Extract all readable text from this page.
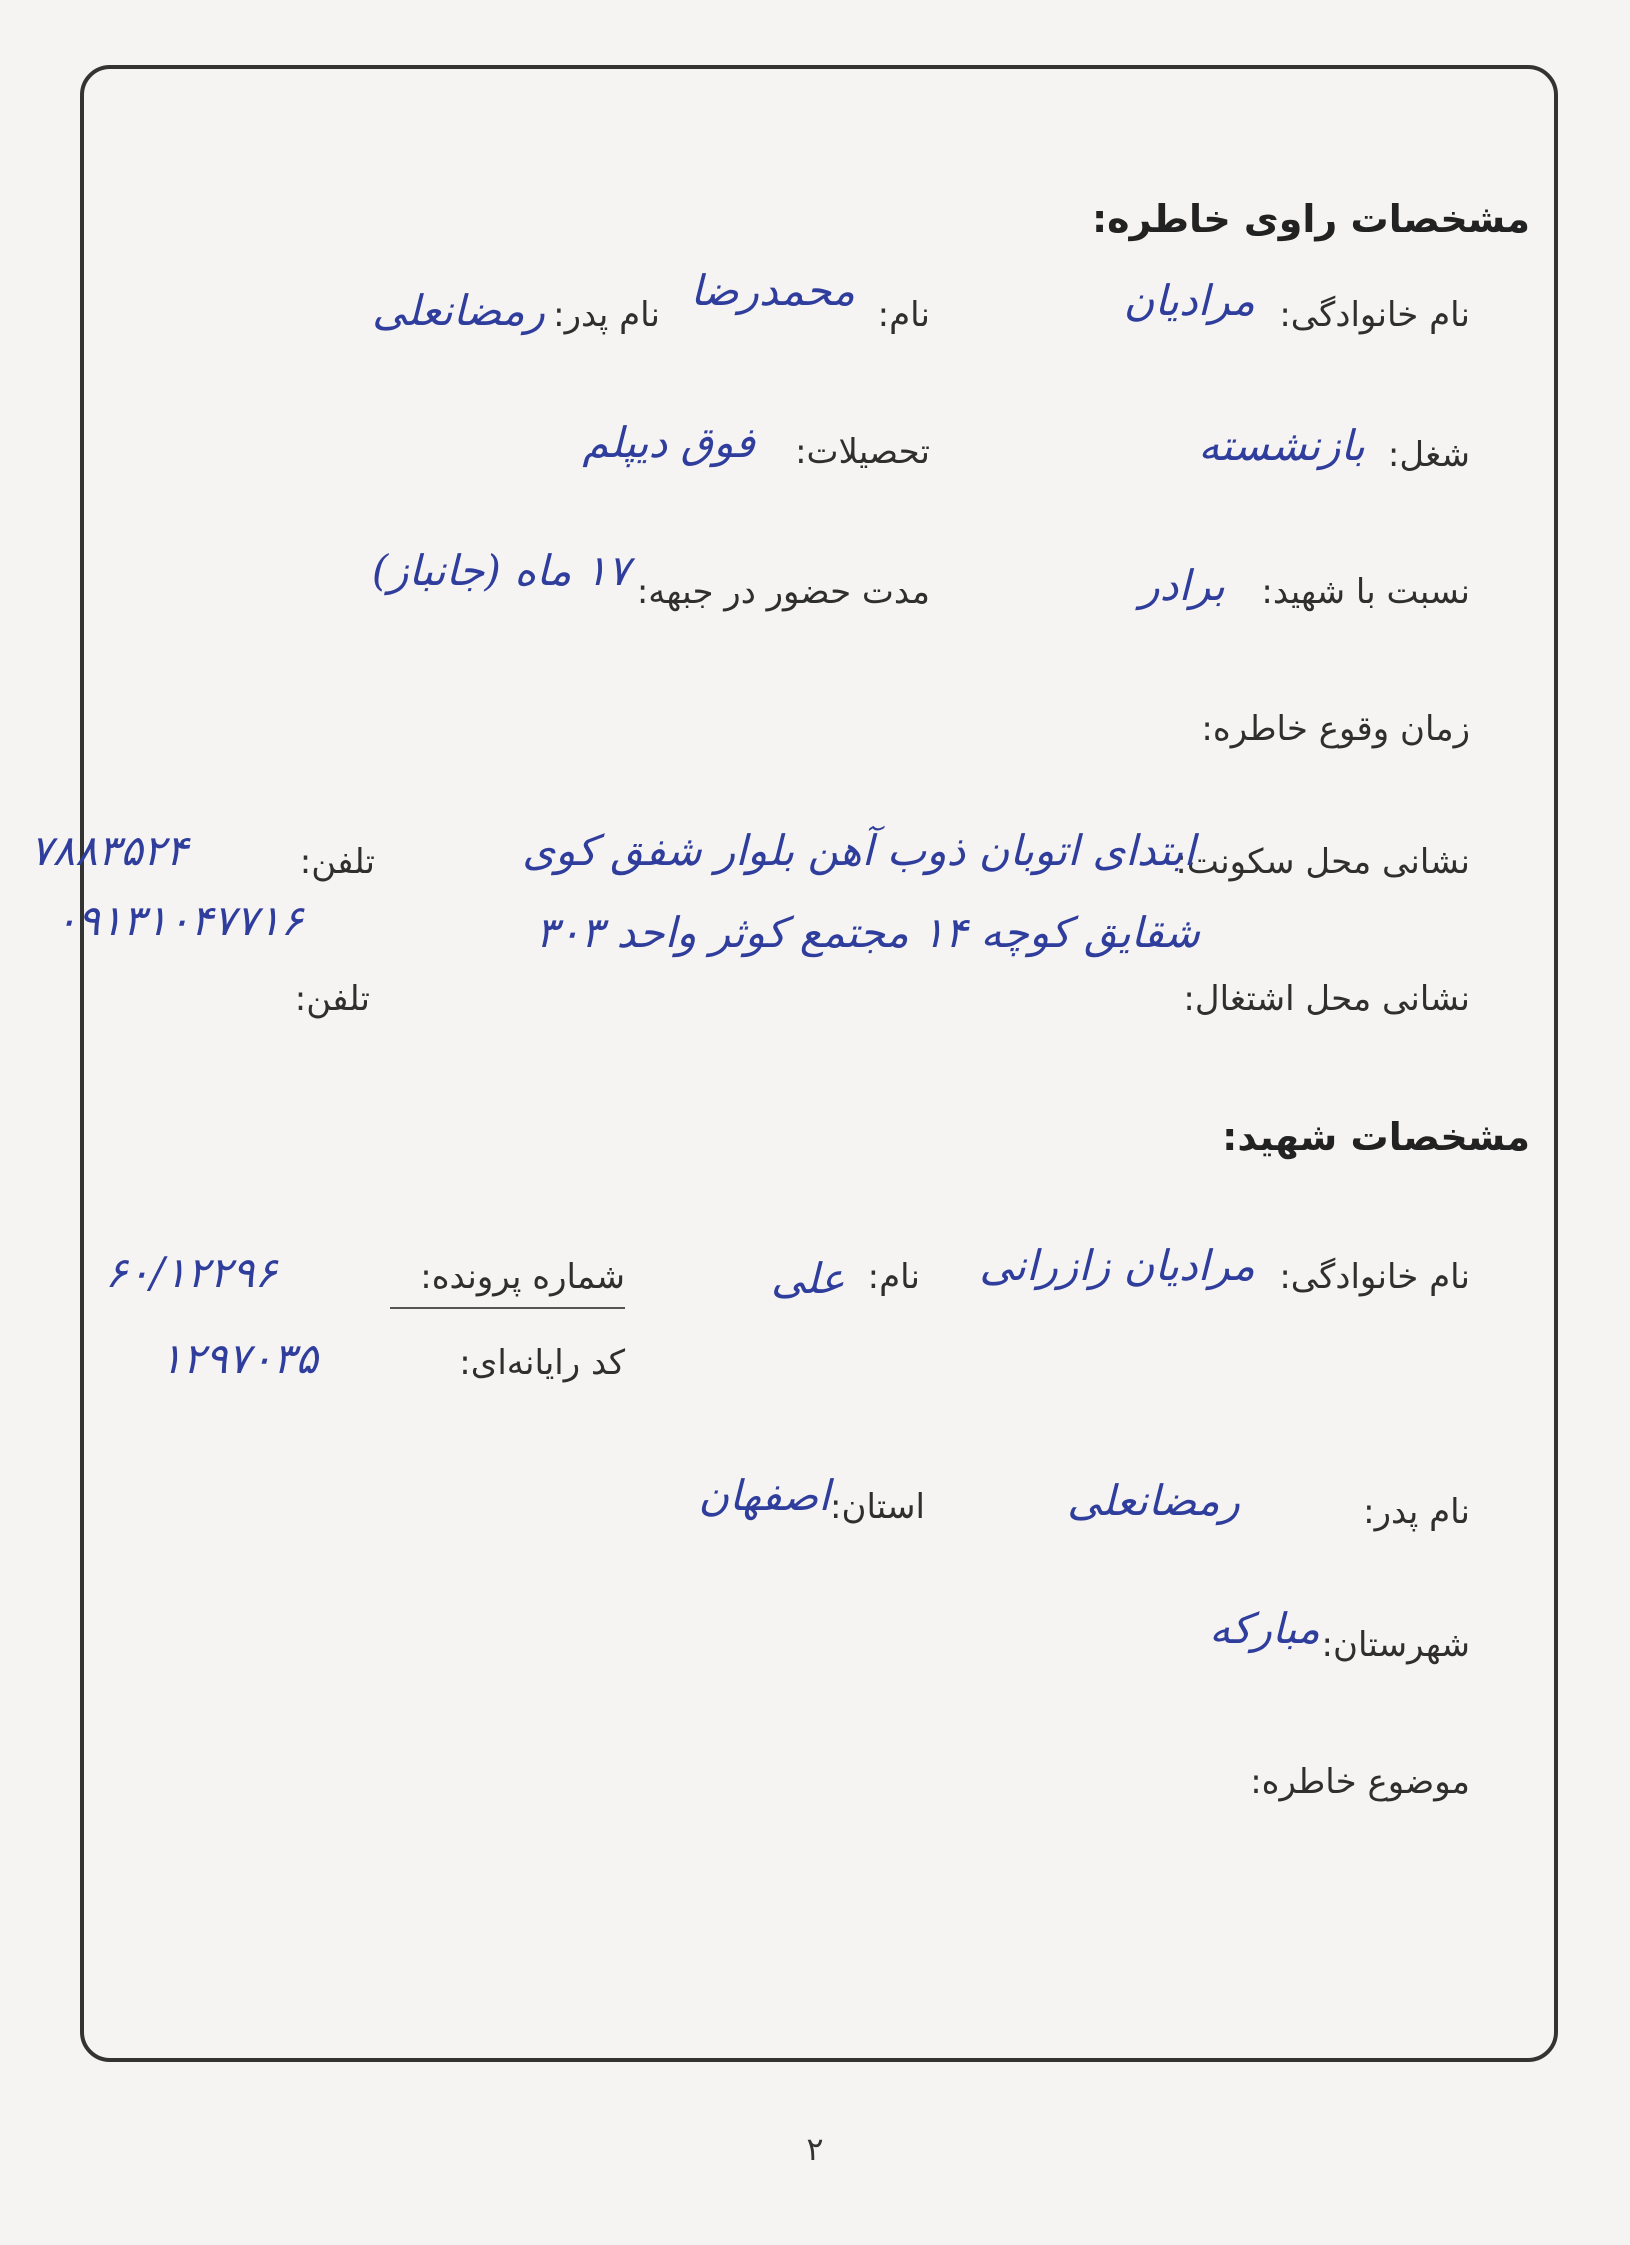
مشخصات راوی خاطره:
نام خانوادگی:
مرادیان
نام:
محمدرضا
نام پدر:
رمضانعلی
شغل:
بازنشسته
تحصیلات:
فوق دیپلم
نسبت با شهید:
برادر
مدت حضور در جبهه:
۱۷ ماه (جانباز)
زمان وقوع خاطره:
نشانی محل سکونت:
ابتدای اتوبان ذوب آهن بلوار شفق کوی
شقایق کوچه ۱۴ مجتمع کوثر واحد ۳۰۳
تلفن:
۷۸۸۳۵۲۴
۰۹۱۳۱۰۴۷۷۱۶
نشانی محل اشتغال:
تلفن:
مشخصات شهید:
نام خانوادگی:
مرادیان زازرانی
نام:
علی
شماره پرونده:
۶۰/۱۲۲۹۶
کد رایانه‌ای:
۱۲۹۷۰۳۵
نام پدر:
رمضانعلی
استان:
اصفهان
شهرستان:
مبارکه
موضوع خاطره:
۲
